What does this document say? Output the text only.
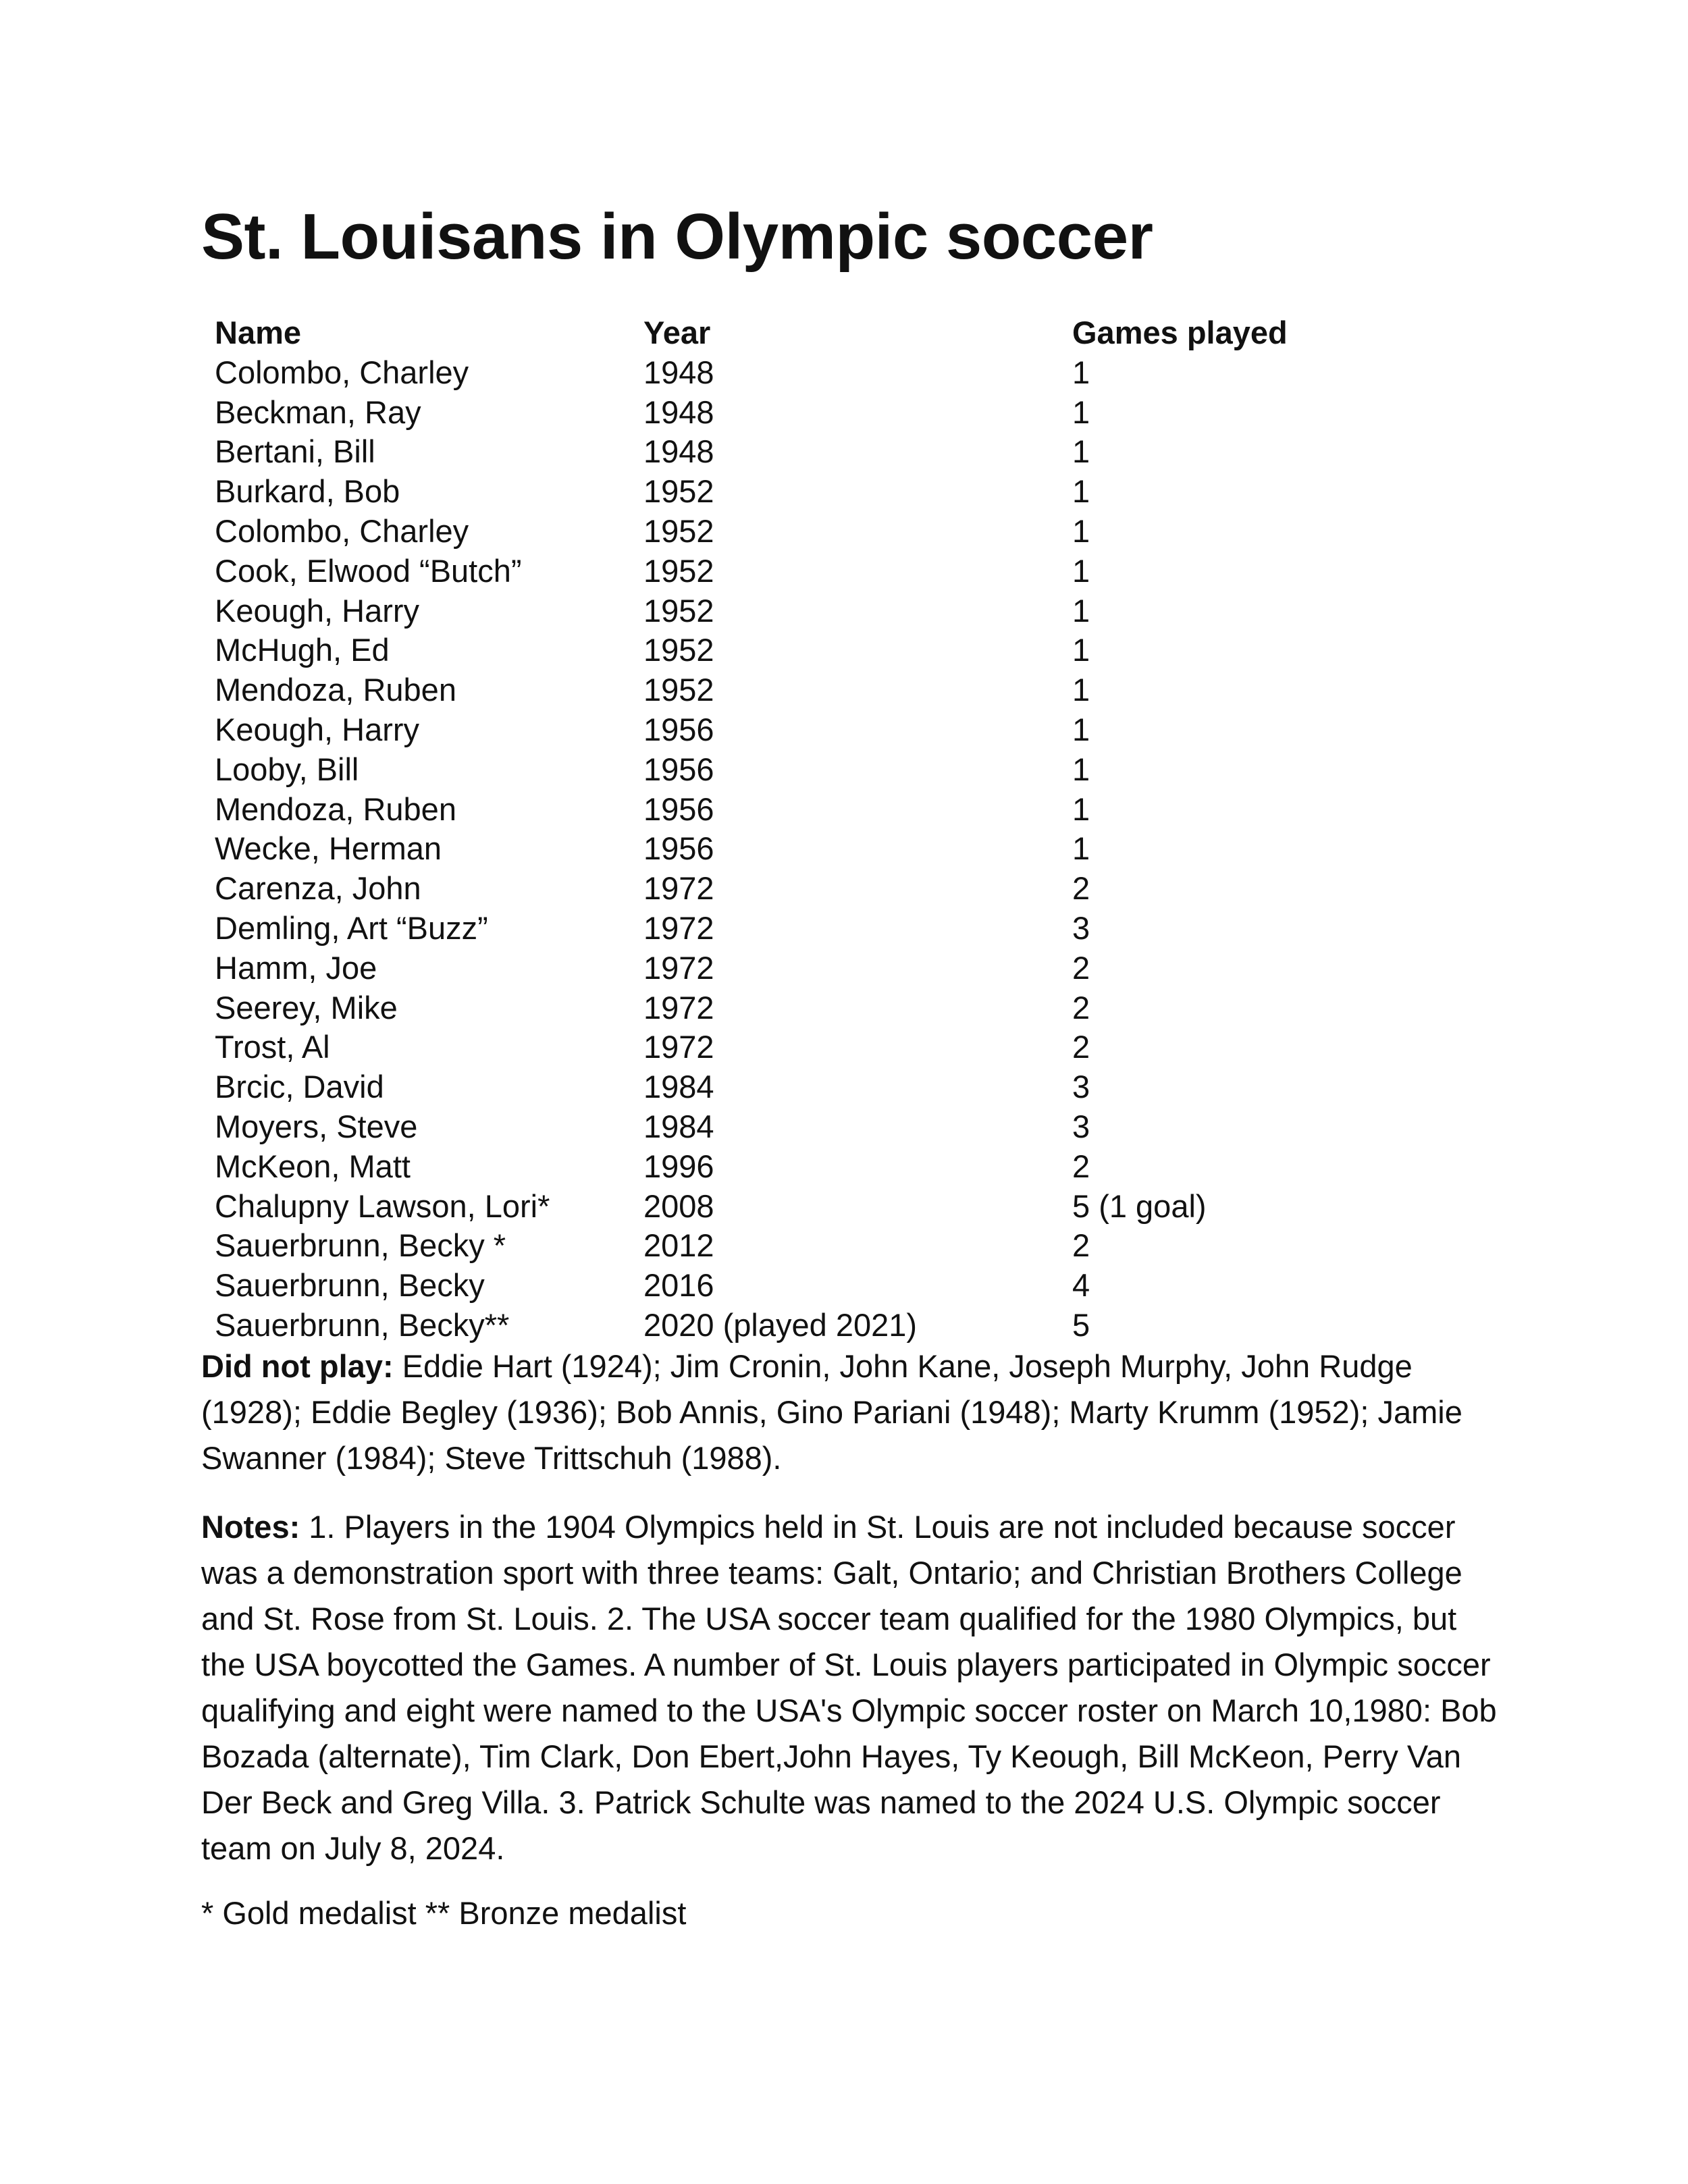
St. Louisans in Olympic soccer
Name	Year	Games played
Colombo, Charley	1948	1
Beckman, Ray	1948	1
Bertani, Bill	1948	1
Burkard, Bob	1952	1
Colombo, Charley	1952	1
Cook, Elwood “Butch”	1952	1
Keough, Harry	1952	1
McHugh, Ed	1952	1
Mendoza, Ruben	1952	1
Keough, Harry	1956	1
Looby, Bill	1956	1
Mendoza, Ruben	1956	1
Wecke, Herman	1956	1
Carenza, John	1972	2
Demling, Art “Buzz”	1972	3
Hamm, Joe	1972	2
Seerey, Mike	1972	2
Trost, Al	1972	2
Brcic, David	1984	3
Moyers, Steve	1984	3
McKeon, Matt	1996	2
Chalupny Lawson, Lori*	2008	5 (1 goal)
Sauerbrunn, Becky *	2012	2
Sauerbrunn, Becky	2016	4
Sauerbrunn, Becky**	2020 (played 2021)	5

Did not play: Eddie Hart (1924); Jim Cronin, John Kane, Joseph Murphy, John Rudge (1928); Eddie Begley (1936); Bob Annis, Gino Pariani (1948); Marty Krumm (1952); Jamie Swanner (1984); Steve Trittschuh (1988).

Notes: 1. Players in the 1904 Olympics held in St. Louis are not included because soccer was a demonstration sport with three teams: Galt, Ontario; and Christian Brothers College and St. Rose from St. Louis. 2. The USA soccer team qualified for the 1980 Olympics, but the USA boycotted the Games. A number of St. Louis players participated in Olympic soccer qualifying and eight were named to the USA's Olympic soccer roster on March 10,1980: Bob Bozada (alternate), Tim Clark, Don Ebert,John Hayes, Ty Keough, Bill McKeon, Perry Van Der Beck and Greg Villa. 3. Patrick Schulte was named to the 2024 U.S. Olympic soccer team on July 8, 2024.

* Gold medalist ** Bronze medalist
